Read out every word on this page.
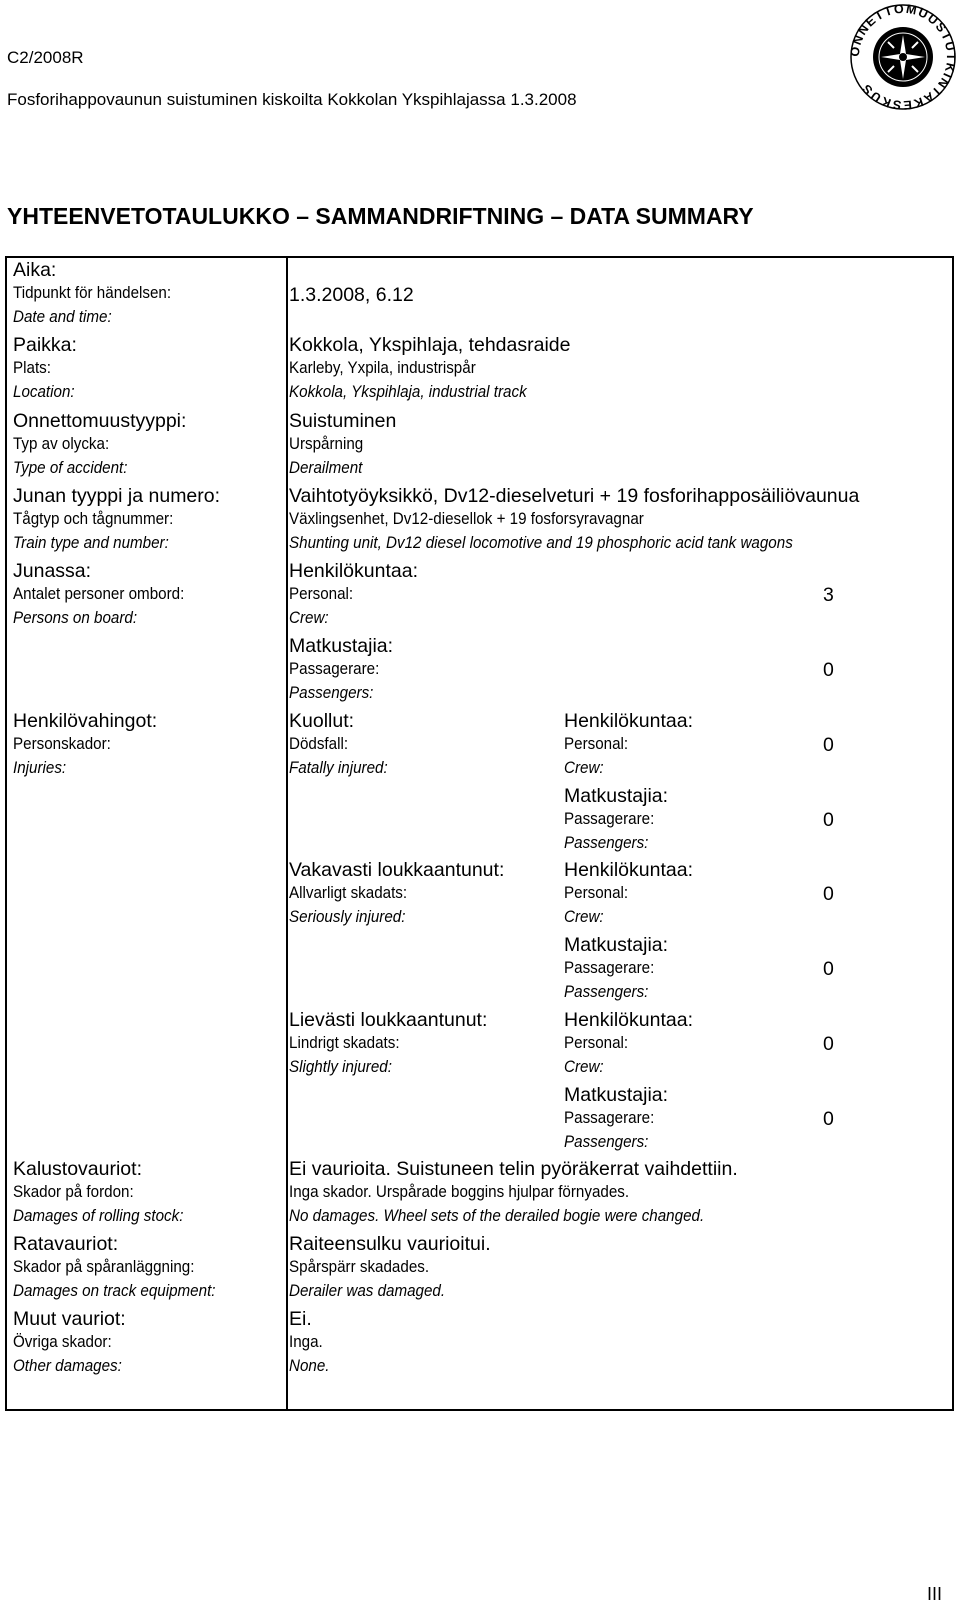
C2/2008R
Fosforihappovaunun suistuminen kiskoilta Kokkolan Ykspihlajassa 1.3.2008
ONNETTOMUUSTUTKINTAKESKUS
YHTEENVETOTAULUKKO – SAMMANDRIFTNING – DATA SUMMARY
Aika:
Tidpunkt för händelsen:
Date and time:
1.3.2008, 6.12
Paikka:
Plats:
Location:
Kokkola, Ykspihlaja, tehdasraide
Karleby, Yxpila, industrispår
Kokkola, Ykspihlaja, industrial track
Onnettomuustyyppi:
Typ av olycka:
Type of accident:
Suistuminen
Urspårning
Derailment
Junan tyyppi ja numero:
Tågtyp och tågnummer:
Train type and number:
Vaihtotyöyksikkö, Dv12-dieselveturi + 19 fosforihapposäiliövaunua
Växlingsenhet, Dv12-diesellok + 19 fosforsyravagnar
Shunting unit, Dv12 diesel locomotive and 19 phosphoric acid tank wagons
Junassa:
Antalet personer ombord:
Persons on board:
Henkilökuntaa:
Personal:
Crew:
3
Matkustajia:
Passagerare:
Passengers:
0
Henkilövahingot:
Personskador:
Injuries:
Kuollut:
Dödsfall:
Fatally injured:
Henkilökuntaa:
Personal:
Crew:
0
Matkustajia:
Passagerare:
Passengers:
0
Vakavasti loukkaantunut:
Allvarligt skadats:
Seriously injured:
Henkilökuntaa:
Personal:
Crew:
0
Matkustajia:
Passagerare:
Passengers:
0
Lievästi loukkaantunut:
Lindrigt skadats:
Slightly injured:
Henkilökuntaa:
Personal:
Crew:
0
Matkustajia:
Passagerare:
Passengers:
0
Kalustovauriot:
Skador på fordon:
Damages of rolling stock:
Ei vaurioita. Suistuneen telin pyöräkerrat vaihdettiin.
Inga skador. Urspårade boggins hjulpar förnyades.
No damages. Wheel sets of the derailed bogie were changed.
Ratavauriot:
Skador på spåranläggning:
Damages on track equipment:
Raiteensulku vaurioitui.
Spårspärr skadades.
Derailer was damaged.
Muut vauriot:
Övriga skador:
Other damages:
Ei.
Inga.
None.
III
